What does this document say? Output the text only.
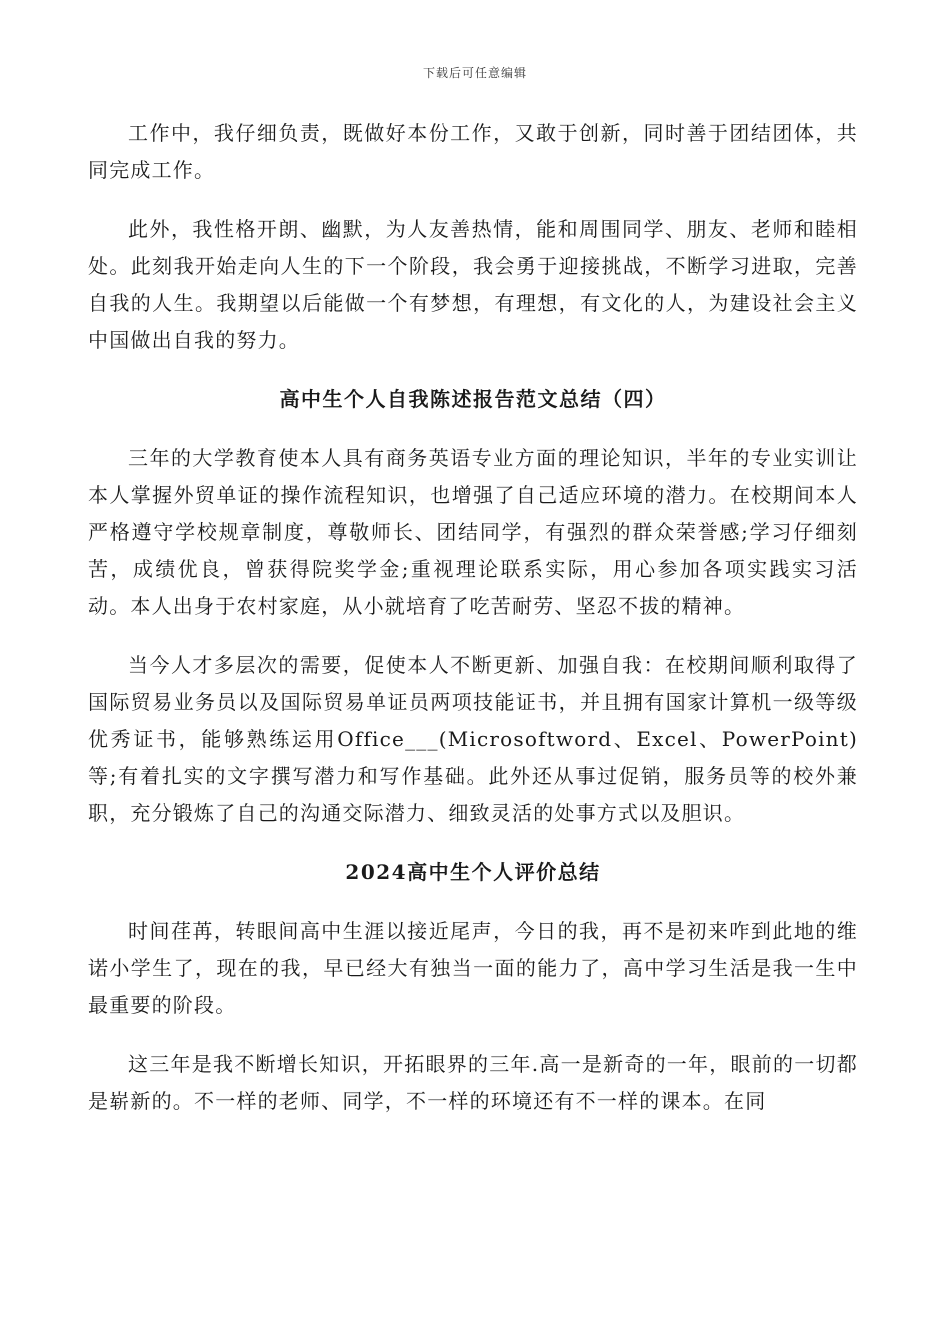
下载后可任意编辑

工作中，我仔细负责，既做好本份工作，又敢于创新，同时善于团结团体，共同完成工作。

此外，我性格开朗、幽默，为人友善热情，能和周围同学、朋友、老师和睦相处。此刻我开始走向人生的下一个阶段，我会勇于迎接挑战，不断学习进取，完善自我的人生。我期望以后能做一个有梦想，有理想，有文化的人，为建设社会主义中国做出自我的努力。

高中生个人自我陈述报告范文总结（四）

三年的大学教育使本人具有商务英语专业方面的理论知识，半年的专业实训让本人掌握外贸单证的操作流程知识，也增强了自己适应环境的潜力。在校期间本人严格遵守学校规章制度，尊敬师长、团结同学，有强烈的群众荣誉感;学习仔细刻苦，成绩优良，曾获得院奖学金;重视理论联系实际，用心参加各项实践实习活动。本人出身于农村家庭，从小就培育了吃苦耐劳、坚忍不拔的精神。

当今人才多层次的需要，促使本人不断更新、加强自我：在校期间顺利取得了国际贸易业务员以及国际贸易单证员两项技能证书，并且拥有国家计算机一级等级优秀证书，能够熟练运用Office___(Microsoftword、Excel、PowerPoint)等;有着扎实的文字撰写潜力和写作基础。此外还从事过促销，服务员等的校外兼职，充分锻炼了自己的沟通交际潜力、细致灵活的处事方式以及胆识。

2024高中生个人评价总结

时间荏苒，转眼间高中生涯以接近尾声，今日的我，再不是初来咋到此地的维诺小学生了，现在的我，早已经大有独当一面的能力了，高中学习生活是我一生中最重要的阶段。

这三年是我不断增长知识，开拓眼界的三年.高一是新奇的一年，眼前的一切都是崭新的。不一样的老师、同学，不一样的环境还有不一样的课本。在同
